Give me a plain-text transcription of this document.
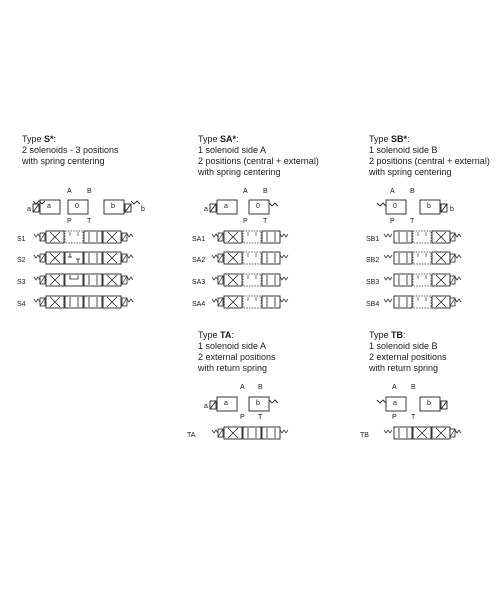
Type S*:
2 solenoids - 3 positions
with spring centering
Type SA*:
1 solenoid side A
2 positions (central + external)
with spring centering
Type SB*:
1 solenoid side B
2 positions (central + external)
with spring centering
Type TA:
1 solenoid side A
2 external positions
with return spring
Type TB:
1 solenoid side B
2 external positions
with return spring
A B
a a	0	b	b
P T
S1
S2
S3
S4
A B
a a	0
P T
SA1
SA2
SA3
SA4
A B
0	b	b
P T
SB1
SB2
SB3
SB4
A B
a a	b
P T
TA
A B
a	b
P T
TB
